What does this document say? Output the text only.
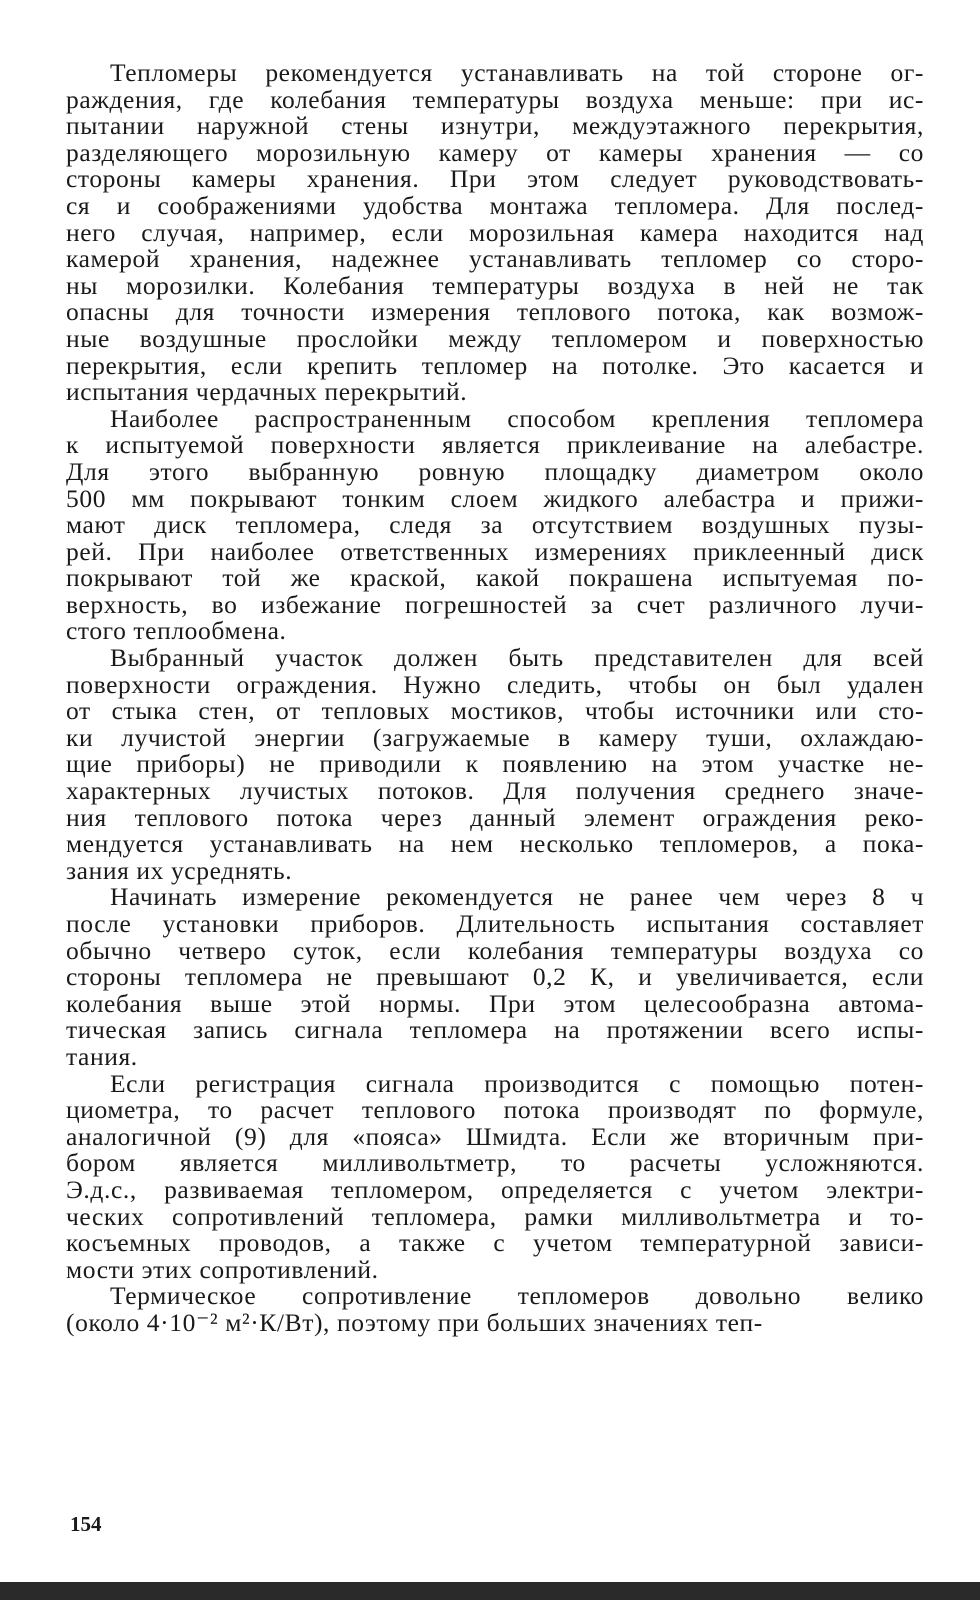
Тепломеры рекомендуется устанавливать на той стороне ог-
раждения, где колебания температуры воздуха меньше: при ис-
пытании наружной стены изнутри, междуэтажного перекрытия,
разделяющего морозильную камеру от камеры хранения — со
стороны камеры хранения. При этом следует руководствовать-
ся и соображениями удобства монтажа тепломера. Для послед-
него случая, например, если морозильная камера находится над
камерой хранения, надежнее устанавливать тепломер со сторо-
ны морозилки. Колебания температуры воздуха в ней не так
опасны для точности измерения теплового потока, как возмож-
ные воздушные прослойки между тепломером и поверхностью
перекрытия, если крепить тепломер на потолке. Это касается и
испытания чердачных перекрытий.
Наиболее распространенным способом крепления тепломера
к испытуемой поверхности является приклеивание на алебастре.
Для этого выбранную ровную площадку диаметром около
500 мм покрывают тонким слоем жидкого алебастра и прижи-
мают диск тепломера, следя за отсутствием воздушных пузы-
рей. При наиболее ответственных измерениях приклеенный диск
покрывают той же краской, какой покрашена испытуемая по-
верхность, во избежание погрешностей за счет различного лучи-
стого теплообмена.
Выбранный участок должен быть представителен для всей
поверхности ограждения. Нужно следить, чтобы он был удален
от стыка стен, от тепловых мостиков, чтобы источники или сто-
ки лучистой энергии (загружаемые в камеру туши, охлаждаю-
щие приборы) не приводили к появлению на этом участке не-
характерных лучистых потоков. Для получения среднего значе-
ния теплового потока через данный элемент ограждения реко-
мендуется устанавливать на нем несколько тепломеров, а пока-
зания их усреднять.
Начинать измерение рекомендуется не ранее чем через 8 ч
после установки приборов. Длительность испытания составляет
обычно четверо суток, если колебания температуры воздуха со
стороны тепломера не превышают 0,2 К, и увеличивается, если
колебания выше этой нормы. При этом целесообразна автома-
тическая запись сигнала тепломера на протяжении всего испы-
тания.
Если регистрация сигнала производится с помощью потен-
циометра, то расчет теплового потока производят по формуле,
аналогичной (9) для «пояса» Шмидта. Если же вторичным при-
бором является милливольтметр, то расчеты усложняются.
Э.д.с., развиваемая тепломером, определяется с учетом электри-
ческих сопротивлений тепломера, рамки милливольтметра и то-
косъемных проводов, а также с учетом температурной зависи-
мости этих сопротивлений.
Термическое сопротивление тепломеров довольно велико
(около 4·10⁻² м²·К/Вт), поэтому при больших значениях теп-
154
